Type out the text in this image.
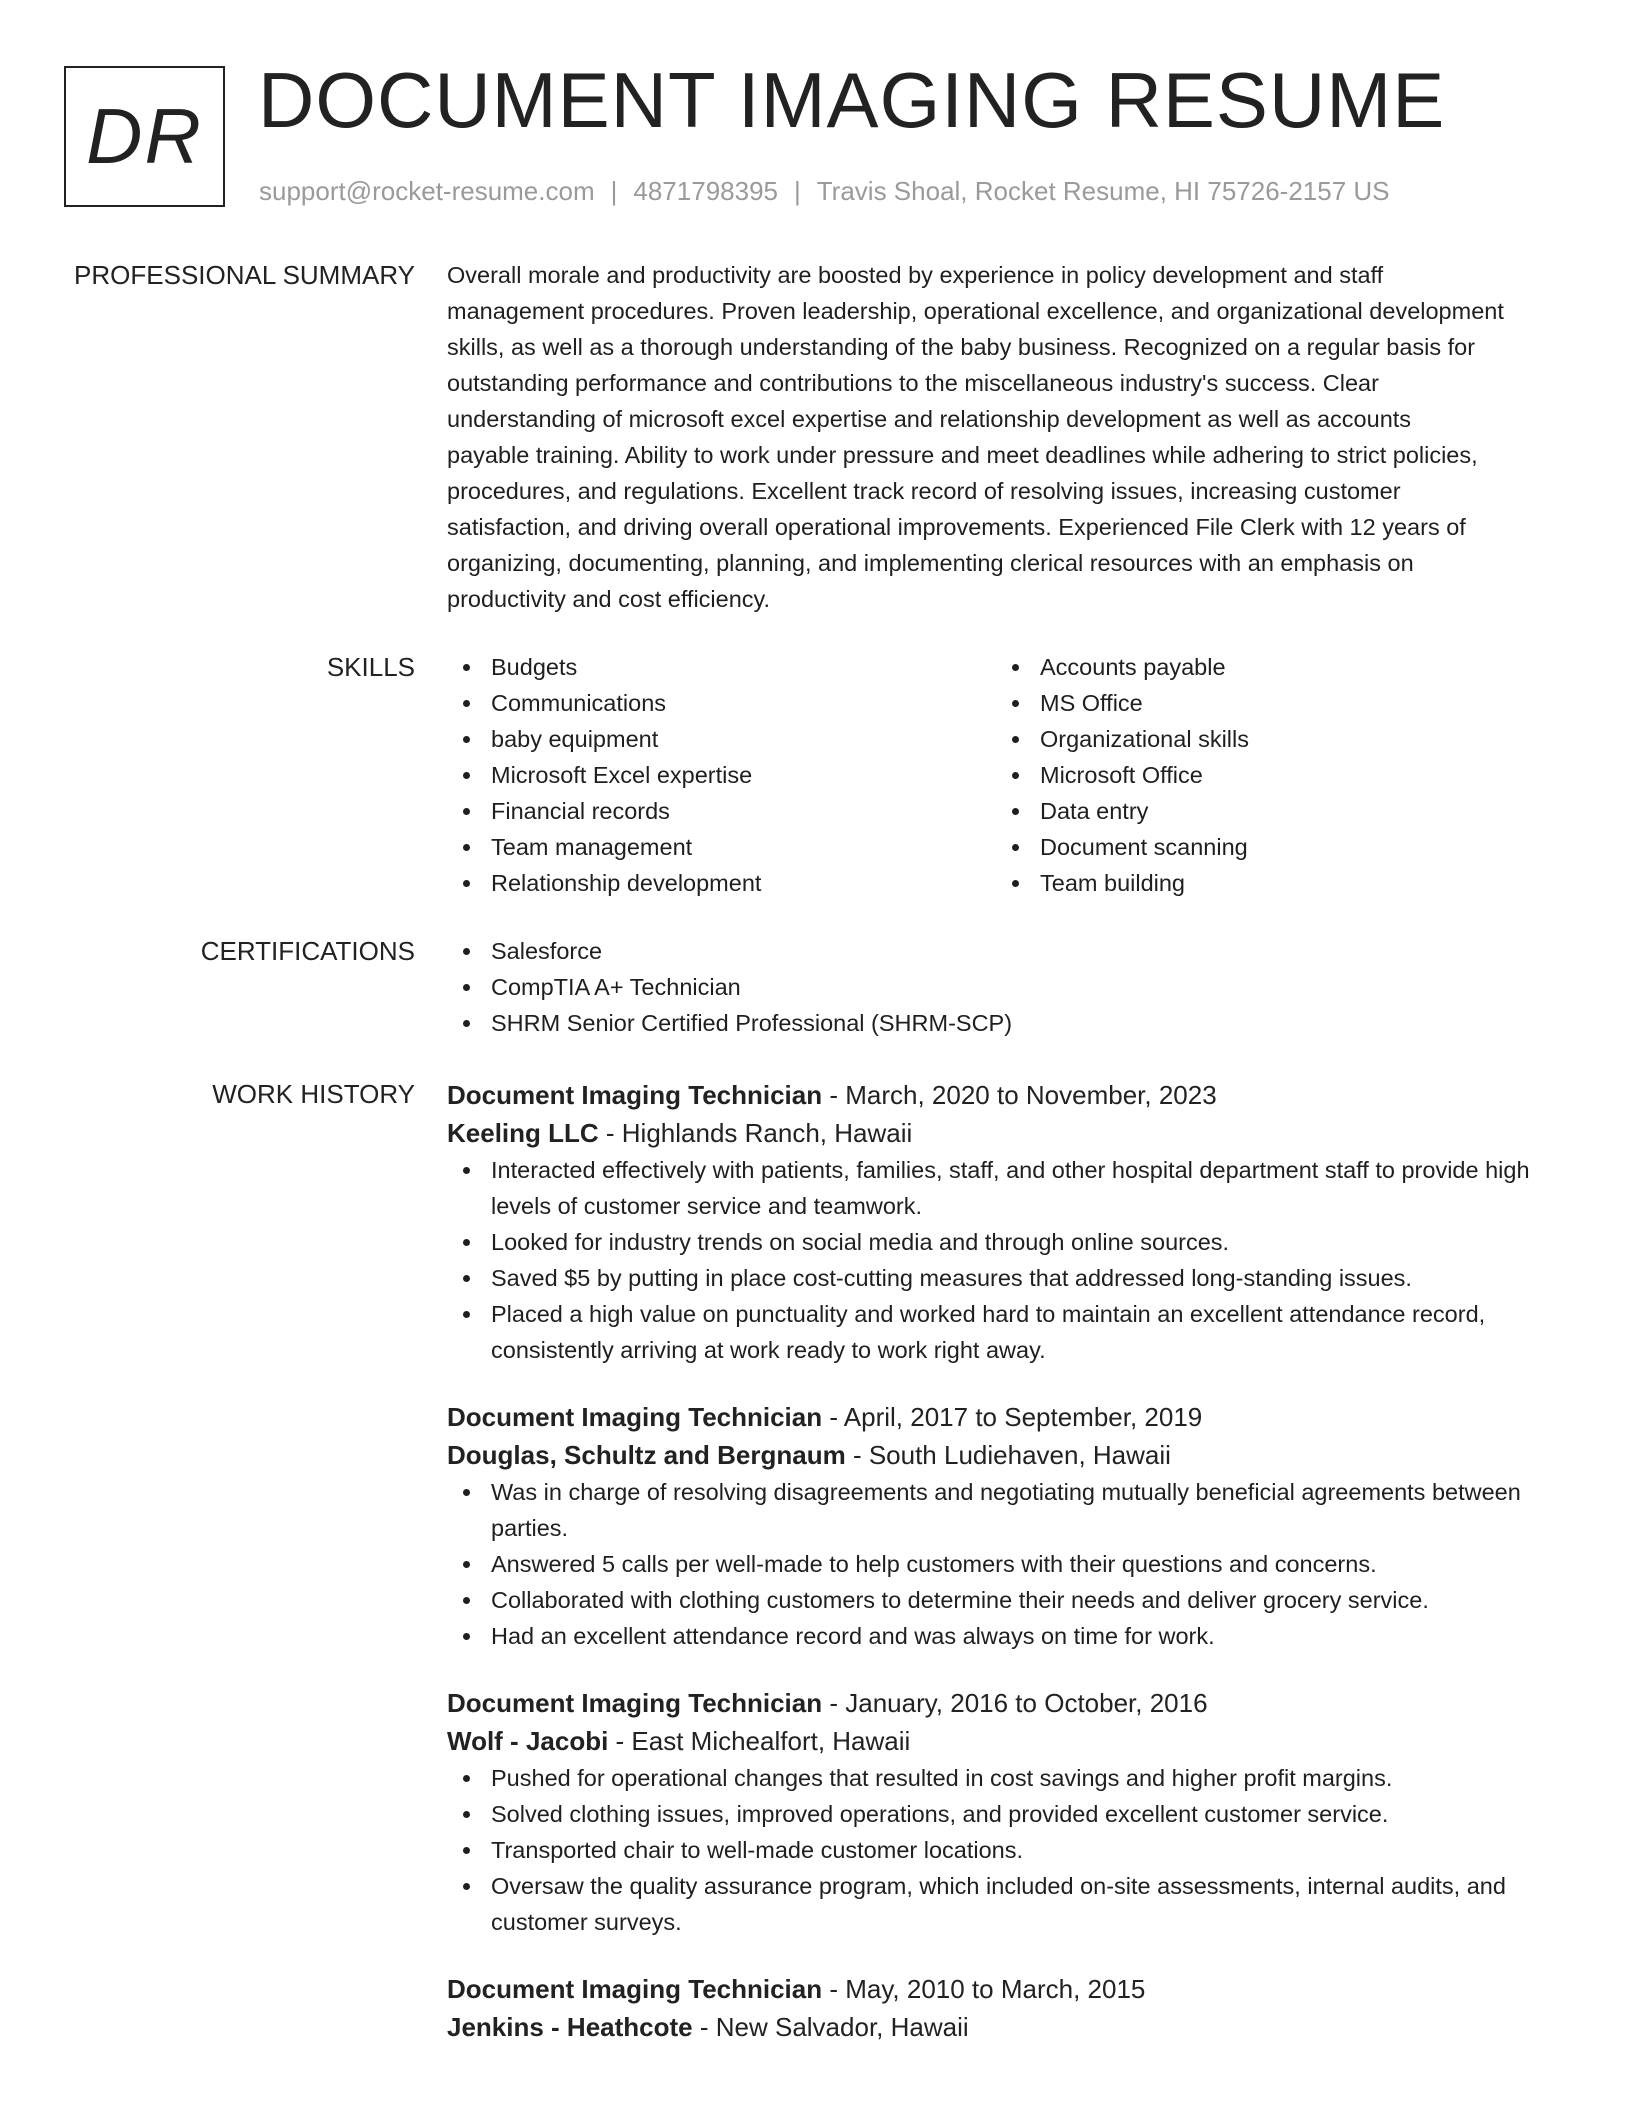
DR DOCUMENT IMAGING RESUME
support@rocket-resume.com | 4871798395 | Travis Shoal, Rocket Resume, HI 75726-2157 US
PROFESSIONAL SUMMARY Overall morale and productivity are boosted by experience in policy development and staff
management procedures. Proven leadership, operational excellence, and organizational development
skills, as well as a thorough understanding of the baby business. Recognized on a regular basis for
outstanding performance and contributions to the miscellaneous industry's success. Clear
understanding of microsoft excel expertise and relationship development as well as accounts
payable training. Ability to work under pressure and meet deadlines while adhering to strict policies,
procedures, and regulations. Excellent track record of resolving issues, increasing customer
satisfaction, and driving overall operational improvements. Experienced File Clerk with 12 years of
organizing, documenting, planning, and implementing clerical resources with an emphasis on
productivity and cost efficiency.
SKILLS	Budgets
Communications
baby equipment
Microsoft Excel expertise
Financial records
Team management
Relationship development
Accounts payable
MS Office
Organizational skills
Microsoft Office
Data entry
Document scanning
Team building
CERTIFICATIONS	Salesforce
CompTIA A+ Technician
SHRM Senior Certified Professional (SHRM-SCP)
WORK HISTORY Document Imaging Technician - March, 2020 to November, 2023
Keeling LLC - Highlands Ranch, Hawaii
Interacted effectively with patients, families, staff, and other hospital department staff to provide high levels of customer service and teamwork.
Looked for industry trends on social media and through online sources.
Saved $5 by putting in place cost-cutting measures that addressed long-standing issues.
Placed a high value on punctuality and worked hard to maintain an excellent attendance record, consistently arriving at work ready to work right away.
Document Imaging Technician - April, 2017 to September, 2019
Douglas, Schultz and Bergnaum - South Ludiehaven, Hawaii
Was in charge of resolving disagreements and negotiating mutually beneficial agreements between parties.
Answered 5 calls per well-made to help customers with their questions and concerns.
Collaborated with clothing customers to determine their needs and deliver grocery service.
Had an excellent attendance record and was always on time for work.
Document Imaging Technician - January, 2016 to October, 2016
Wolf - Jacobi - East Michealfort, Hawaii
Pushed for operational changes that resulted in cost savings and higher profit margins.
Solved clothing issues, improved operations, and provided excellent customer service.
Transported chair to well-made customer locations.
Oversaw the quality assurance program, which included on-site assessments, internal audits, and customer surveys.
Document Imaging Technician - May, 2010 to March, 2015
Jenkins - Heathcote - New Salvador, Hawaii
